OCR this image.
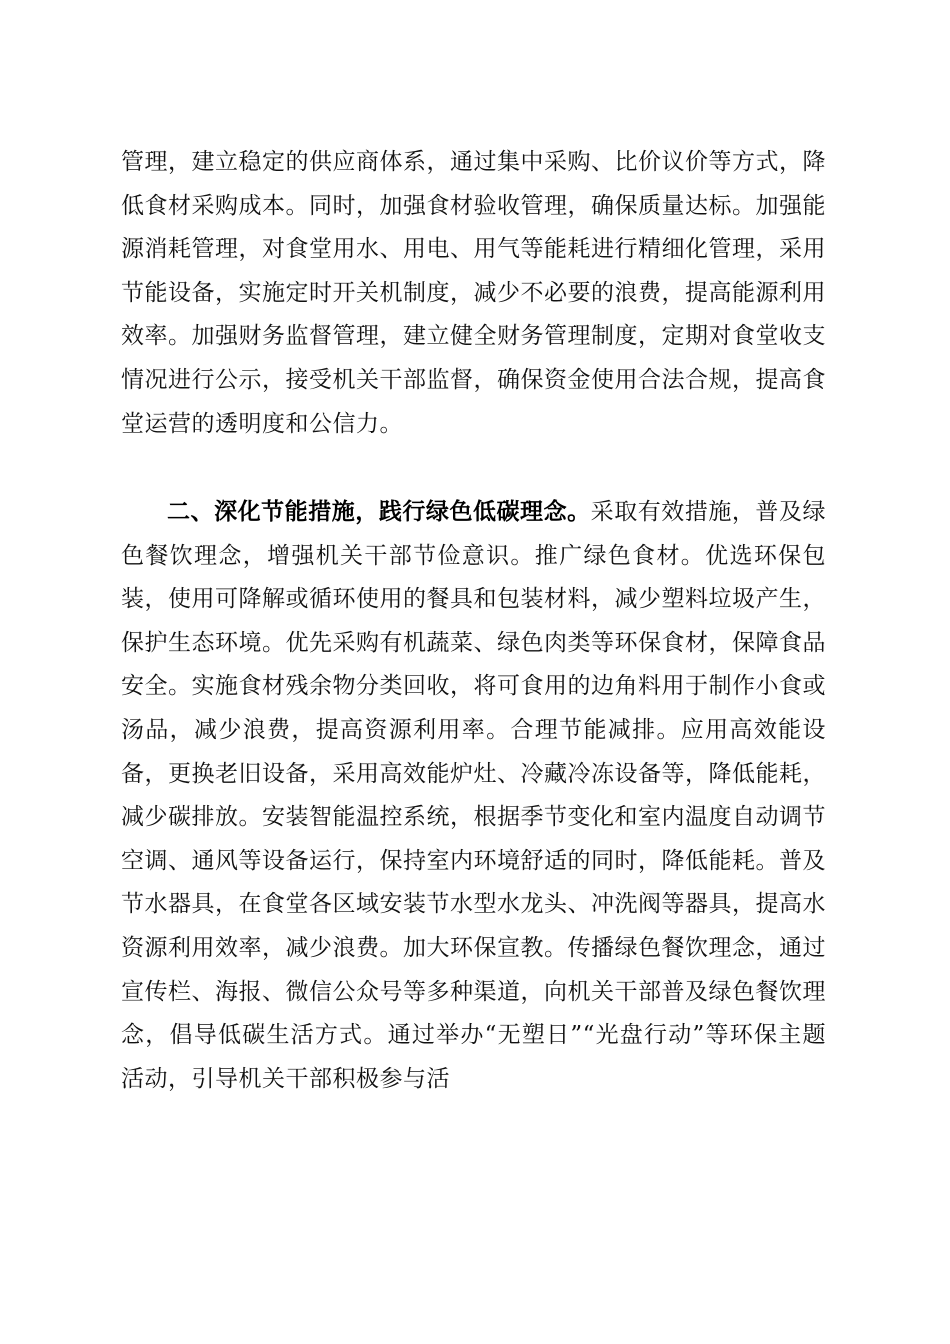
管理，建立稳定的供应商体系，通过集中采购、比价议价等方式，降低食材采购成本。同时，加强食材验收管理，确保质量达标。加强能源消耗管理，对食堂用水、用电、用气等能耗进行精细化管理，采用节能设备，实施定时开关机制度，减少不必要的浪费，提高能源利用效率。加强财务监督管理，建立健全财务管理制度，定期对食堂收支情况进行公示，接受机关干部监督，确保资金使用合法合规，提高食堂运营的透明度和公信力。

二、深化节能措施，践行绿色低碳理念。采取有效措施，普及绿色餐饮理念，增强机关干部节俭意识。推广绿色食材。优选环保包装，使用可降解或循环使用的餐具和包装材料，减少塑料垃圾产生，保护生态环境。优先采购有机蔬菜、绿色肉类等环保食材，保障食品安全。实施食材残余物分类回收，将可食用的边角料用于制作小食或汤品，减少浪费，提高资源利用率。合理节能减排。应用高效能设备，更换老旧设备，采用高效能炉灶、冷藏冷冻设备等，降低能耗，减少碳排放。安装智能温控系统，根据季节变化和室内温度自动调节空调、通风等设备运行，保持室内环境舒适的同时，降低能耗。普及节水器具，在食堂各区域安装节水型水龙头、冲洗阀等器具，提高水资源利用效率，减少浪费。加大环保宣教。传播绿色餐饮理念，通过宣传栏、海报、微信公众号等多种渠道，向机关干部普及绿色餐饮理念，倡导低碳生活方式。通过举办“无塑日”“光盘行动”等环保主题活动，引导机关干部积极参与活
